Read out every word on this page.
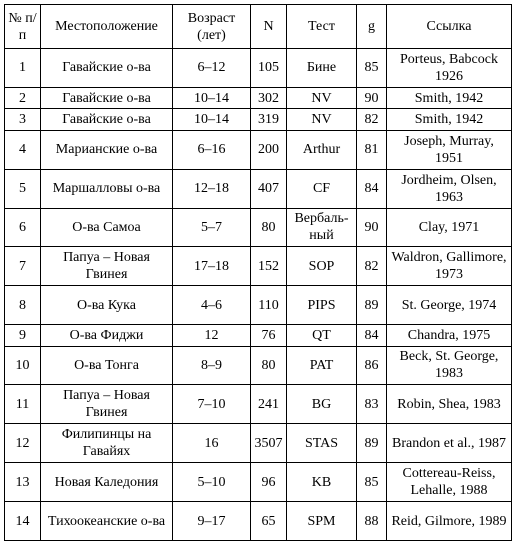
№ п/п	Местоположение	Возраст (лет)	N	Тест	g	Ссылка
1	Гавайские о-ва	6–12	105	Бине	85	Porteus, Babcock 1926
2	Гавайские о-ва	10–14	302	NV	90	Smith, 1942
3	Гавайские о-ва	10–14	319	NV	82	Smith, 1942
4	Марианские о-ва	6–16	200	Arthur	81	Joseph, Murray, 1951
5	Маршалловы о-ва	12–18	407	CF	84	Jordheim, Olsen, 1963
6	О-ва Самоа	5–7	80	Вербаль-ный	90	Clay, 1971
7	Папуа – Новая Гвинея	17–18	152	SOP	82	Waldron, Gallimore, 1973
8	О-ва Кука	4–6	110	PIPS	89	St. George, 1974
9	О-ва Фиджи	12	76	QT	84	Chandra, 1975
10	О-ва Тонга	8–9	80	PAT	86	Beck, St. George, 1983
11	Папуа – Новая Гвинея	7–10	241	BG	83	Robin, Shea, 1983
12	Филипинцы на Гавайях	16	3507	STAS	89	Brandon et al., 1987
13	Новая Каледония	5–10	96	KB	85	Cottereau-Reiss, Lehalle, 1988
14	Тихоокеанские о-ва	9–17	65	SPM	88	Reid, Gilmore, 1989
